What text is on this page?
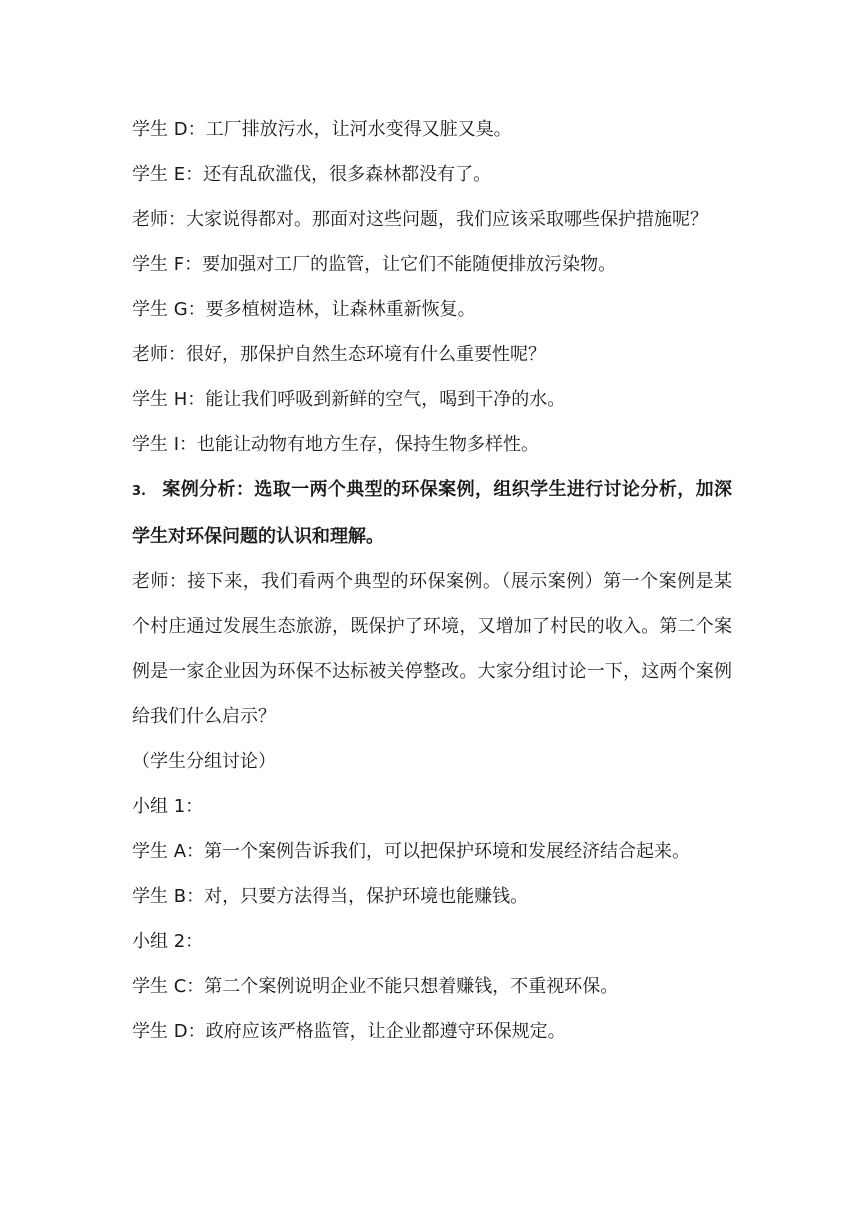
学生 D：工厂排放污水，让河水变得又脏又臭。

学生 E：还有乱砍滥伐，很多森林都没有了。

老师：大家说得都对。那面对这些问题，我们应该采取哪些保护措施呢？

学生 F：要加强对工厂的监管，让它们不能随便排放污染物。

学生 G：要多植树造林，让森林重新恢复。

老师：很好，那保护自然生态环境有什么重要性呢？

学生 H：能让我们呼吸到新鲜的空气，喝到干净的水。

学生 I：也能让动物有地方生存，保持生物多样性。

3. 案例分析：选取一两个典型的环保案例，组织学生进行讨论分析，加深学生对环保问题的认识和理解。

老师：接下来，我们看两个典型的环保案例。（展示案例）第一个案例是某个村庄通过发展生态旅游，既保护了环境，又增加了村民的收入。第二个案例是一家企业因为环保不达标被关停整改。大家分组讨论一下，这两个案例给我们什么启示？

（学生分组讨论）

小组 1：

学生 A：第一个案例告诉我们，可以把保护环境和发展经济结合起来。

学生 B：对，只要方法得当，保护环境也能赚钱。

小组 2：

学生 C：第二个案例说明企业不能只想着赚钱，不重视环保。

学生 D：政府应该严格监管，让企业都遵守环保规定。
